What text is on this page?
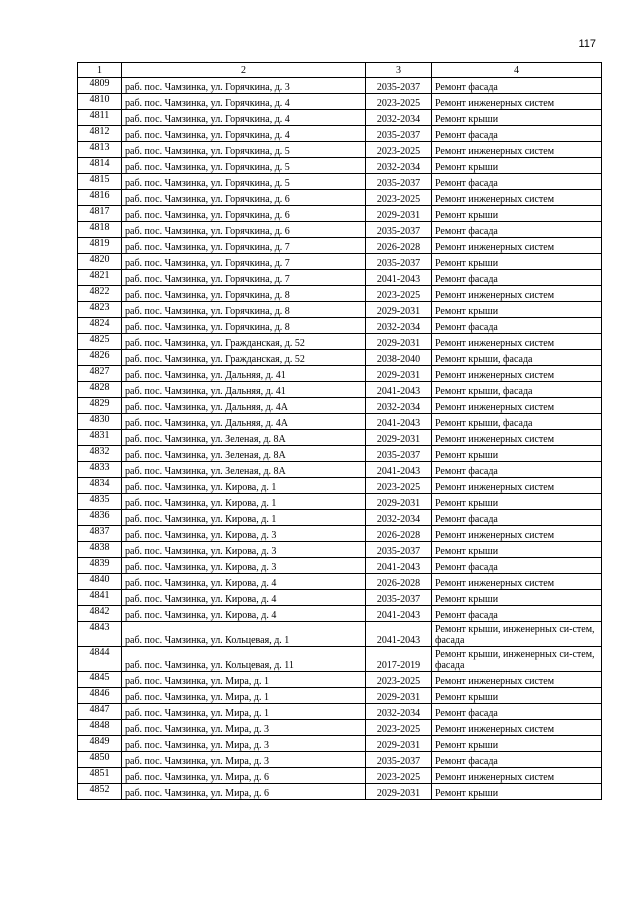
117
1	2	3	4
4809	раб. пос. Чамзинка, ул. Горячкина, д. 3	2035-2037	Ремонт фасада
4810	раб. пос. Чамзинка, ул. Горячкина, д. 4	2023-2025	Ремонт инженерных систем
4811	раб. пос. Чамзинка, ул. Горячкина, д. 4	2032-2034	Ремонт крыши
4812	раб. пос. Чамзинка, ул. Горячкина, д. 4	2035-2037	Ремонт фасада
4813	раб. пос. Чамзинка, ул. Горячкина, д. 5	2023-2025	Ремонт инженерных систем
4814	раб. пос. Чамзинка, ул. Горячкина, д. 5	2032-2034	Ремонт крыши
4815	раб. пос. Чамзинка, ул. Горячкина, д. 5	2035-2037	Ремонт фасада
4816	раб. пос. Чамзинка, ул. Горячкина, д. 6	2023-2025	Ремонт инженерных систем
4817	раб. пос. Чамзинка, ул. Горячкина, д. 6	2029-2031	Ремонт крыши
4818	раб. пос. Чамзинка, ул. Горячкина, д. 6	2035-2037	Ремонт фасада
4819	раб. пос. Чамзинка, ул. Горячкина, д. 7	2026-2028	Ремонт инженерных систем
4820	раб. пос. Чамзинка, ул. Горячкина, д. 7	2035-2037	Ремонт крыши
4821	раб. пос. Чамзинка, ул. Горячкина, д. 7	2041-2043	Ремонт фасада
4822	раб. пос. Чамзинка, ул. Горячкина, д. 8	2023-2025	Ремонт инженерных систем
4823	раб. пос. Чамзинка, ул. Горячкина, д. 8	2029-2031	Ремонт крыши
4824	раб. пос. Чамзинка, ул. Горячкина, д. 8	2032-2034	Ремонт фасада
4825	раб. пос. Чамзинка, ул. Гражданская, д. 52	2029-2031	Ремонт инженерных систем
4826	раб. пос. Чамзинка, ул. Гражданская, д. 52	2038-2040	Ремонт крыши, фасада
4827	раб. пос. Чамзинка, ул. Дальняя, д. 41	2029-2031	Ремонт инженерных систем
4828	раб. пос. Чамзинка, ул. Дальняя, д. 41	2041-2043	Ремонт крыши, фасада
4829	раб. пос. Чамзинка, ул. Дальняя, д. 4А	2032-2034	Ремонт инженерных систем
4830	раб. пос. Чамзинка, ул. Дальняя, д. 4А	2041-2043	Ремонт крыши, фасада
4831	раб. пос. Чамзинка, ул. Зеленая, д. 8А	2029-2031	Ремонт инженерных систем
4832	раб. пос. Чамзинка, ул. Зеленая, д. 8А	2035-2037	Ремонт крыши
4833	раб. пос. Чамзинка, ул. Зеленая, д. 8А	2041-2043	Ремонт фасада
4834	раб. пос. Чамзинка, ул. Кирова, д. 1	2023-2025	Ремонт инженерных систем
4835	раб. пос. Чамзинка, ул. Кирова, д. 1	2029-2031	Ремонт крыши
4836	раб. пос. Чамзинка, ул. Кирова, д. 1	2032-2034	Ремонт фасада
4837	раб. пос. Чамзинка, ул. Кирова, д. 3	2026-2028	Ремонт инженерных систем
4838	раб. пос. Чамзинка, ул. Кирова, д. 3	2035-2037	Ремонт крыши
4839	раб. пос. Чамзинка, ул. Кирова, д. 3	2041-2043	Ремонт фасада
4840	раб. пос. Чамзинка, ул. Кирова, д. 4	2026-2028	Ремонт инженерных систем
4841	раб. пос. Чамзинка, ул. Кирова, д. 4	2035-2037	Ремонт крыши
4842	раб. пос. Чамзинка, ул. Кирова, д. 4	2041-2043	Ремонт фасада
4843	раб. пос. Чамзинка, ул. Кольцевая, д. 1	2041-2043	Ремонт крыши, инженерных си-стем, фасада
4844	раб. пос. Чамзинка, ул. Кольцевая, д. 11	2017-2019	Ремонт крыши, инженерных си-стем, фасада
4845	раб. пос. Чамзинка, ул. Мира, д. 1	2023-2025	Ремонт инженерных систем
4846	раб. пос. Чамзинка, ул. Мира, д. 1	2029-2031	Ремонт крыши
4847	раб. пос. Чамзинка, ул. Мира, д. 1	2032-2034	Ремонт фасада
4848	раб. пос. Чамзинка, ул. Мира, д. 3	2023-2025	Ремонт инженерных систем
4849	раб. пос. Чамзинка, ул. Мира, д. 3	2029-2031	Ремонт крыши
4850	раб. пос. Чамзинка, ул. Мира, д. 3	2035-2037	Ремонт фасада
4851	раб. пос. Чамзинка, ул. Мира, д. 6	2023-2025	Ремонт инженерных систем
4852	раб. пос. Чамзинка, ул. Мира, д. 6	2029-2031	Ремонт крыши
